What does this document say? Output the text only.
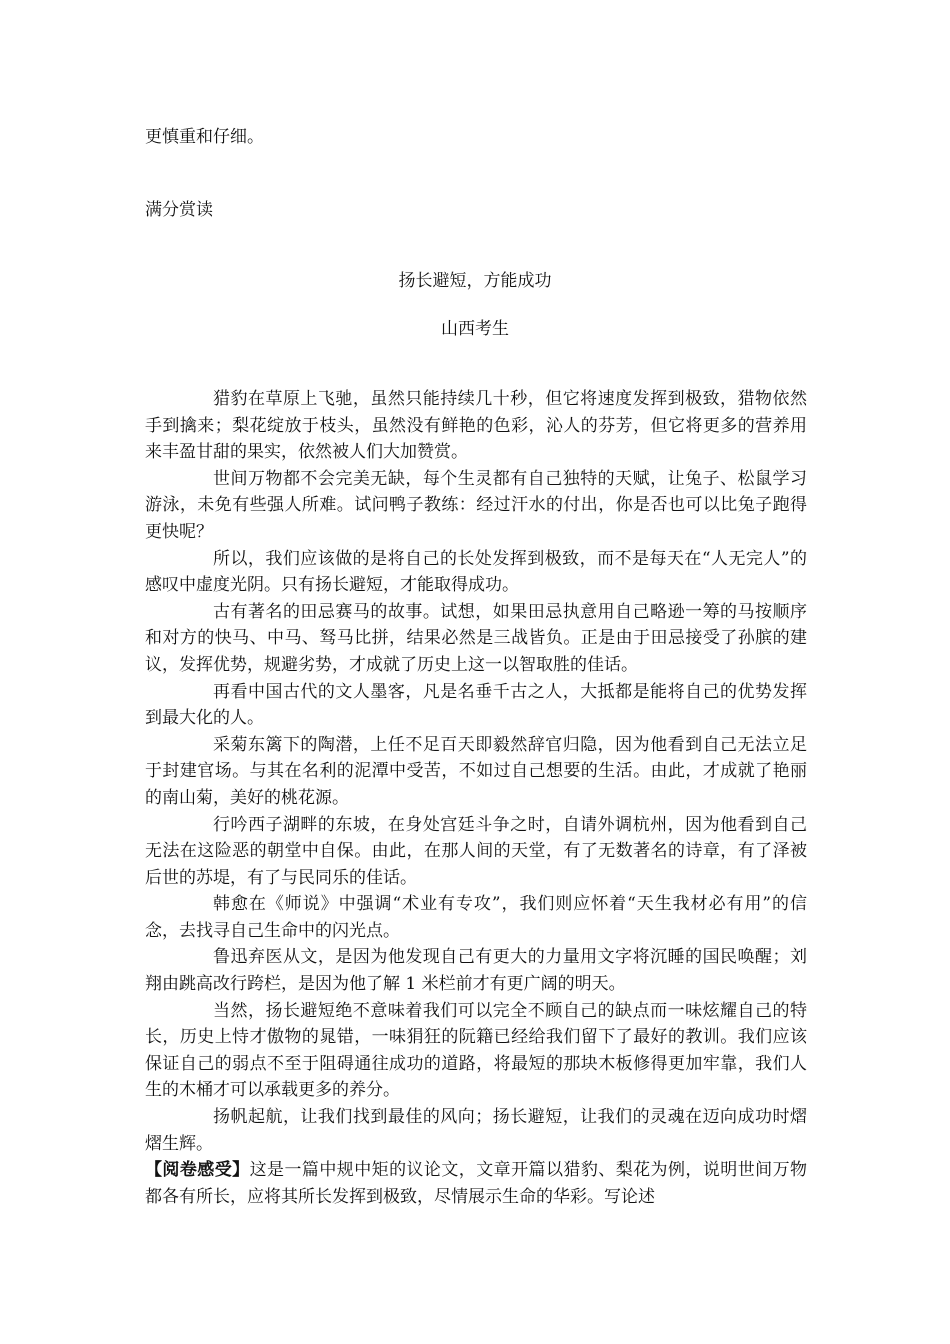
更慎重和仔细。
满分赏读
扬长避短，方能成功
山西考生

猎豹在草原上飞驰，虽然只能持续几十秒，但它将速度发挥到极致，猎物依然手到擒来；梨花绽放于枝头，虽然没有鲜艳的色彩，沁人的芬芳，但它将更多的营养用来丰盈甘甜的果实，依然被人们大加赞赏。

世间万物都不会完美无缺，每个生灵都有自己独特的天赋，让兔子、松鼠学习游泳，未免有些强人所难。试问鸭子教练：经过汗水的付出，你是否也可以比兔子跑得更快呢？

所以，我们应该做的是将自己的长处发挥到极致，而不是每天在“人无完人”的感叹中虚度光阴。只有扬长避短，才能取得成功。

古有著名的田忌赛马的故事。试想，如果田忌执意用自己略逊一筹的马按顺序和对方的快马、中马、驽马比拼，结果必然是三战皆负。正是由于田忌接受了孙膑的建议，发挥优势，规避劣势，才成就了历史上这一以智取胜的佳话。

再看中国古代的文人墨客，凡是名垂千古之人，大抵都是能将自己的优势发挥到最大化的人。

采菊东篱下的陶潜，上任不足百天即毅然辞官归隐，因为他看到自己无法立足于封建官场。与其在名利的泥潭中受苦，不如过自己想要的生活。由此，才成就了艳丽的南山菊，美好的桃花源。

行吟西子湖畔的东坡，在身处宫廷斗争之时，自请外调杭州，因为他看到自己无法在这险恶的朝堂中自保。由此，在那人间的天堂，有了无数著名的诗章，有了泽被后世的苏堤，有了与民同乐的佳话。

韩愈在《师说》中强调“术业有专攻”，我们则应怀着“天生我材必有用”的信念，去找寻自己生命中的闪光点。

鲁迅弃医从文，是因为他发现自己有更大的力量用文字将沉睡的国民唤醒；刘翔由跳高改行跨栏，是因为他了解 1 米栏前才有更广阔的明天。

当然，扬长避短绝不意味着我们可以完全不顾自己的缺点而一味炫耀自己的特长，历史上恃才傲物的晁错，一味狷狂的阮籍已经给我们留下了最好的教训。我们应该保证自己的弱点不至于阻碍通往成功的道路，将最短的那块木板修得更加牢靠，我们人生的木桶才可以承载更多的养分。

扬帆起航，让我们找到最佳的风向；扬长避短，让我们的灵魂在迈向成功时熠熠生辉。

【阅卷感受】这是一篇中规中矩的议论文，文章开篇以猎豹、梨花为例，说明世间万物都各有所长，应将其所长发挥到极致，尽情展示生命的华彩。写论述
